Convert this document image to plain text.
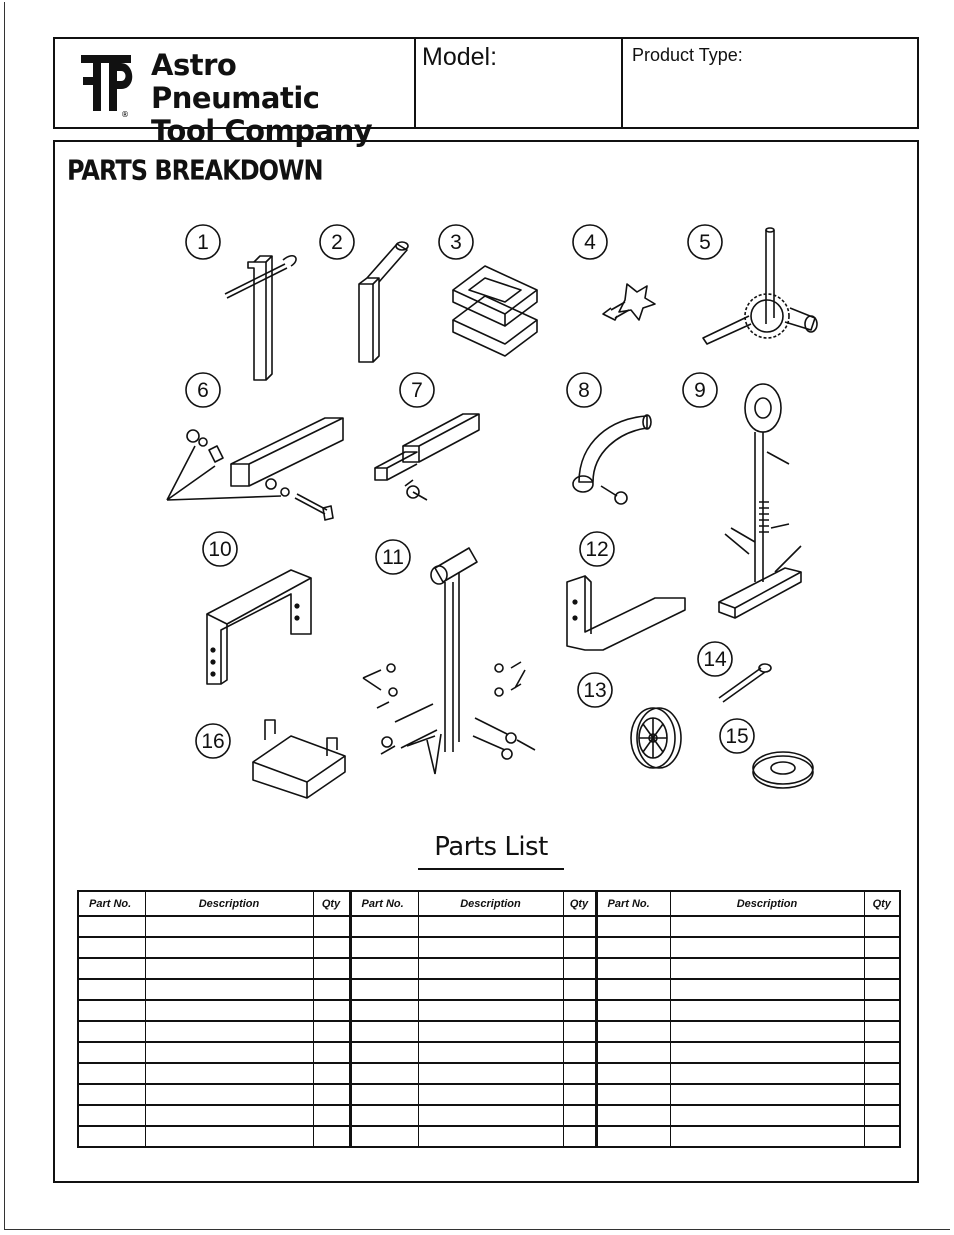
®
Astro Pneumatic
Tool Company
Model:	Product Type:
PARTS BREAKDOWN
1	2	3	4	5
6	7	8	9
10	11	12
13
14
15
16
Parts List
Part No.	Description	Qty	Part No.	Description	Qty	Part No.	Description	Qty
